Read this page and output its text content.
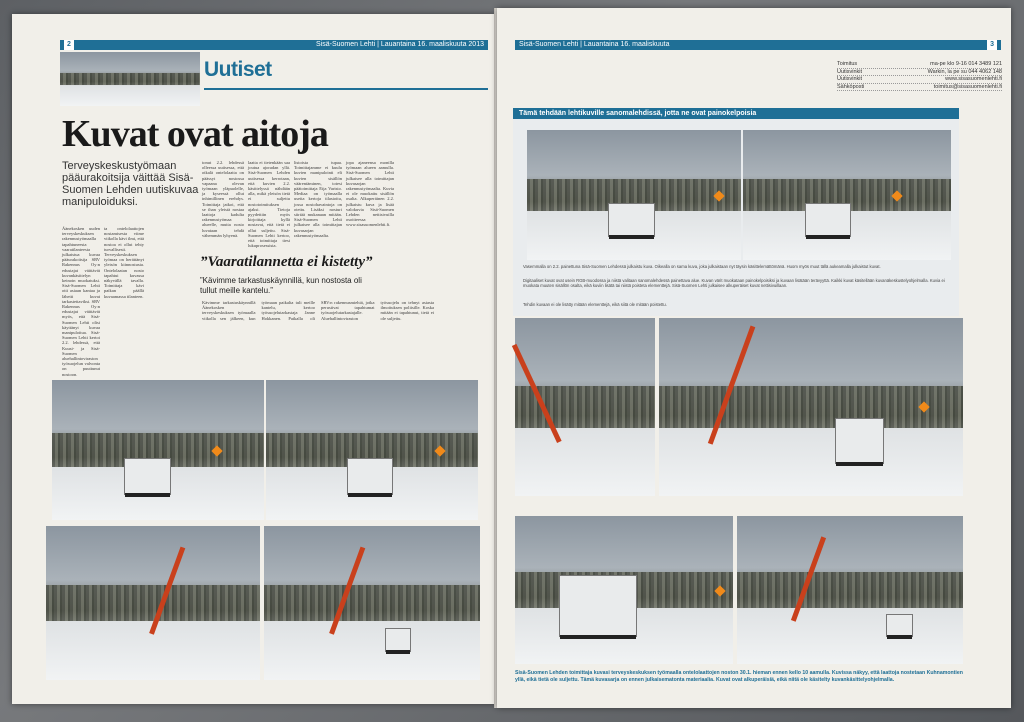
2	Sisä-Suomen Lehti | Lauantaina 16. maaliskuuta 2013
Uutiset
Kuvat ovat aitoja

Terveyskeskustyömaan pääurakoitsija väittää Sisä-Suomen Lehden uutiskuvaa manipuloiduksi.

Äänekosken uuden terveyskeskuksen rakennustyömaalla tapahtuneesta vaaratilanteesta julkaistua kuvaa pääurakoitsija SRV Rakennus Oy:n edustajat väittävät kuvankäsittelyn keinoin muokatuksi. Sisä-Suomen Lehti otti asiaan kantaa ja lähetti kuvat tarkastettaviksi. SRV Rakennus Oy:n edustajat väittävät myös, että Sisä-Suomen Lehti olisi käyttänyt kuvaa manipuloitua. Sisä-Suomen Lehti kertoi 2.2. lehdessä, että Kuusi- ja Sisä-Suomen aluehallintoviraston työsuojelun valvonta on puuttunut nostoon.
ta ontelolaattojen nostamisesta viime viikolla kävi ilmi, että nostoa ei ollut tehty turvallisesti. Terveyskeskuksen työmaa on herättänyt yleisön kiinnostusta. Ontelolaatan nosto tapahtui kuvassa näkyvällä tavalla. Toimittaja kävi paikan päällä kuvaamassa tilanteen.
tonut 2.2. lehdessä olleessa uutisessa, että otkalä ontelolaatta on päässyt nostossa vapaana olevan työmaan yläpuolelle, ja kyseessä ollut inhimillinen erehdys. Toimittaja jatkoi, että se ihan yleistä nostaa laattoja kadulta rakennustyömaa alueelle, mutta nosto luvataan tehdä vähemmän lyhyenä.
laatta ei tietenkään saa joutua ajoradan yllä. Sisä-Suomen Lehden uutisessa kerrotaan, että kuvien 2.2. käsittelyssä nähdään alla, mikä yleisön tietä ei suljettu nostotoimituksen ajaksi. Tietoja pyydettiin myös kirjoittaja kyllä nostavat, että tietä ei ollut suljettu. Sisä-Suomen Lehti kertoo, että toimittaja tiesi lukuprosessista.
listoista tupaa. Toimittajamme ei kuulu kuvien manipulointi eli kuvien sisällön väärentäminen, totesi päätoimittaja Eija Varisto. Mediaa on työmaalla useita kertoja tilastoitu, jossa nostohavaintoja on otettu. Lisäksi nosturi siirtää mukanaan mitään. Sisä-Suomen Lehti julkaisee alla toimittajan kuvasarjan rakennustyömaalta.
jopa ajaneensa monilla työmaan alueen aamulla. Sisä-Suomen Lehti julkaisee alla toimittajan kuvasarjan rakennustyömaalta. Kuvia ei ole muokattu sisällön osalta. Alkuperäinen 2.2. julkaistu kuva ja lisää valokuvia Sisä-Suomen Lehden nettisivuilla osoitteessa www.sisasuomenlehti.fi.
”Vaaratilannetta ei kistetty”

”Kävimme tarkastuskäynnillä, kun nostosta oli tullut meille kantelu.”

Kävimme tarkastuskäynnillä Äänekosken terveyskeskuksen työmaalla viikolla sen jälkeen, kun työmaan paikalta tuli meille kantelu, kertoo työsuojelutarkastaja Janne Hokkanen. Paikalla oli SRV:n rakennusmiehiä, jotka perustivat tapahtumat työsuojelutarkastajalle. Aluehallintoviraston työsuojelu on tehnyt asiasta ilmoituksen poliisille. Koska mitään ei tapahtunut, tietä ei ole suljettu.
Sisä-Suomen Lehti | Lauantaina 16. maaliskuuta	3
Toimitus	ma-pe klo 9-16 014 3489 121
Uutisvinkit	Warkin, la pe su 044 4062 148
Uutisvinkit	www.sisasuomenlehti.fi
Sähköposti	toimitus@sisasuomenlehti.fi
Tämä tehdään lehtikuville sanomalehdissä, jotta ne ovat painokelpoisia

Vasemmalla on 2.2. painettuna Sisä-Suomen Lehdessä julkaistu kuva. Oikealla on sama kuva, joka julkaistaan nyt täysin käsittelemättömänä. Huom myös muut tällä aukeamalla julkaistut kuvat.

Digitaaliset kuvat ovat usein RGB-muodossa ja niistä valitaan sanomalehdessä painettava alue. Kuvan värit muokataan painokelpoisiksi ja kuvaan lisätään terävyyttä. Kaikki kuvat käsitellään kuvanäkeskustelyohjelmalla. Kuvia ei muokata muuten sisällön osalta, eikä kuviin lisätä tai niistä poisteta elementtejä. Sisä-Suomen Lehti julkaisee alkuperäiset kuvat nettisivuillaan.

Tehdin kuvaan ei ole lisätty mitään elementtejä, eikä siitä ole mitään poistettu.

Sisä-Suomen Lehden toimittaja kuvasi terveyskeskuksen työmaalla ontelolaattojen noston 30.1. hieman ennen kello 10 aamulla. Kuvissa näkyy, että laattoja nostetaan Kuhnamontien yllä, eikä tietä ole suljettu. Tämä kuvasarja on ennen julkaisematonta materiaalia. Kuvat ovat alkuperäisiä, eikä niitä ole käsitelty kuvankäsittelyohjelmalla.
